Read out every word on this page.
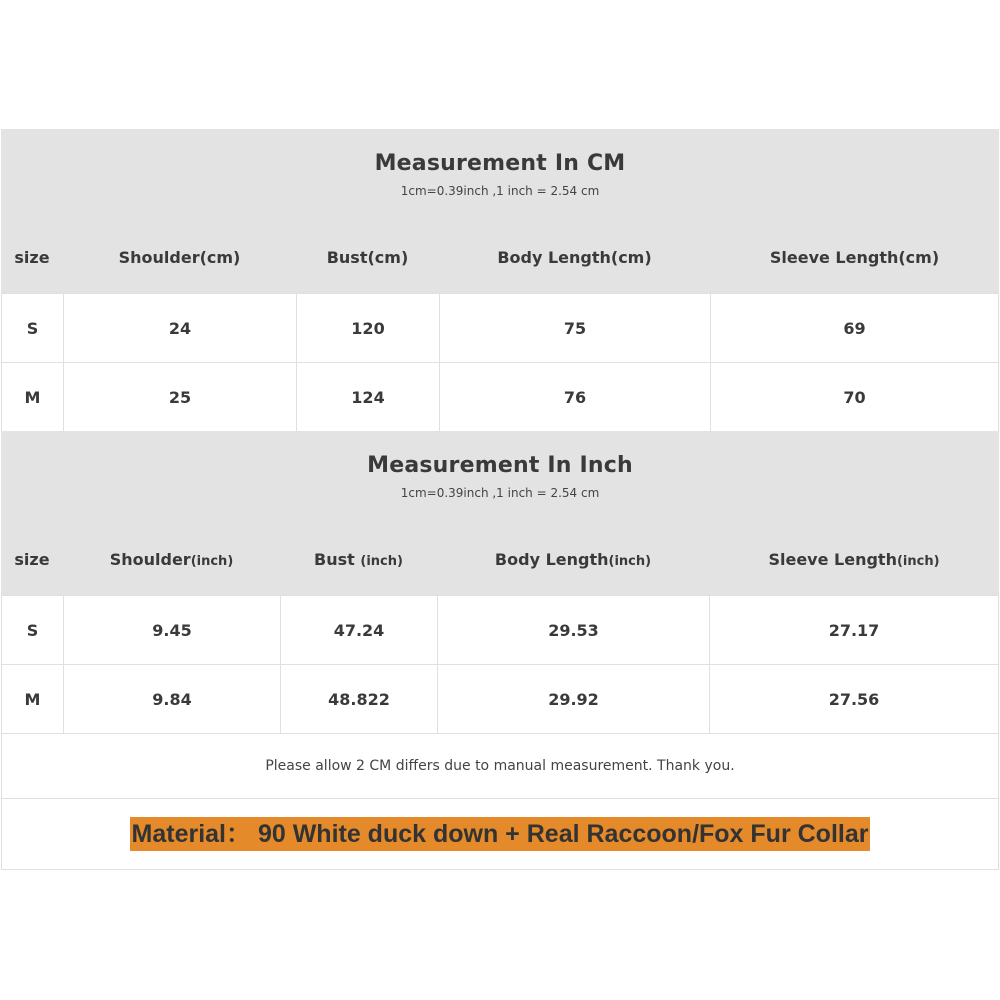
Measurement In CM
1cm=0.39inch ,1 inch = 2.54 cm
size	Shoulder(cm)	Bust(cm)	Body Length(cm)	Sleeve Length(cm)
S	24	120	75	69
M	25	124	76	70
Measurement In Inch
1cm=0.39inch ,1 inch = 2.54 cm
size	Shoulder(inch)	Bust (inch)	Body Length(inch)	Sleeve Length(inch)
S	9.45	47.24	29.53	27.17
M	9.84	48.822	29.92	27.56
Please allow 2 CM differs due to manual measurement. Thank you.
Material： 90 White duck down + Real Raccoon/Fox Fur Collar
